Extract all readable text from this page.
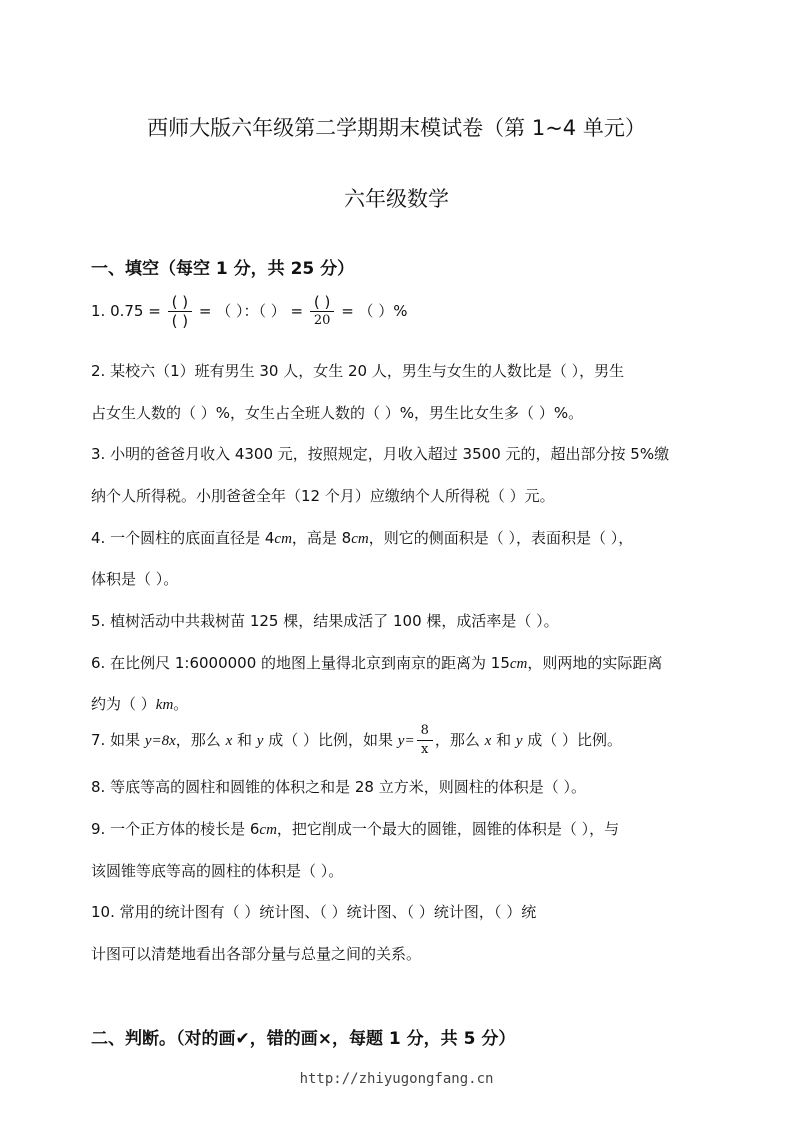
西师大版六年级第二学期期末模试卷（第 1~4 单元）
六年级数学
一、填空（每空 1 分，共 25 分）
1. $0.75 = \frac{( )}{( )}$ = （ ）：（ ） = $\frac{( )}{20}$ = （ ）%
2. 某校六（1）班有男生 30 人，女生 20 人，男生与女生的人数比是（ ），男生
占女生人数的（ ）%，女生占全班人数的（ ）%，男生比女生多（ ）%。
3. 小明的爸爸月收入 4300 元，按照规定，月收入超过 3500 元的，超出部分按 5%缴
纳个人所得税。小刖爸爸全年（12 个月）应缴纳个人所得税（ ）元。
4. 一个圆柱的底面直径是 4cm，高是 8cm，则它的侧面积是（ ），表面积是（ ），
体积是（ ）。
5. 植树活动中共栽树苗 125 棵，结果成活了 100 棵，成活率是（ ）。
6. 在比例尺 1:6000000 的地图上量得北京到南京的距离为 15cm，则两地的实际距离
约为（ ）km。
7. 如果 y=8x，那么 x 和 y 成（ ）比例，如果 $y= \frac{8}{x}$ ，那么 x 和 y 成（ ）比例。
8. 等底等高的圆柱和圆锥的体积之和是 28 立方米，则圆柱的体积是（ ）。
9. 一个正方体的棱长是 6cm，把它削成一个最大的圆锥，圆锥的体积是（ ），与
该圆锥等底等高的圆柱的体积是（ ）。
10. 常用的统计图有（ ）统计图、（ ）统计图、（ ）统计图，（ ）统
计图可以清楚地看出各部分量与总量之间的关系。
二、判断。（对的画✔，错的画×，每题 1 分，共 5 分）
http://zhiyugongfang.cn
